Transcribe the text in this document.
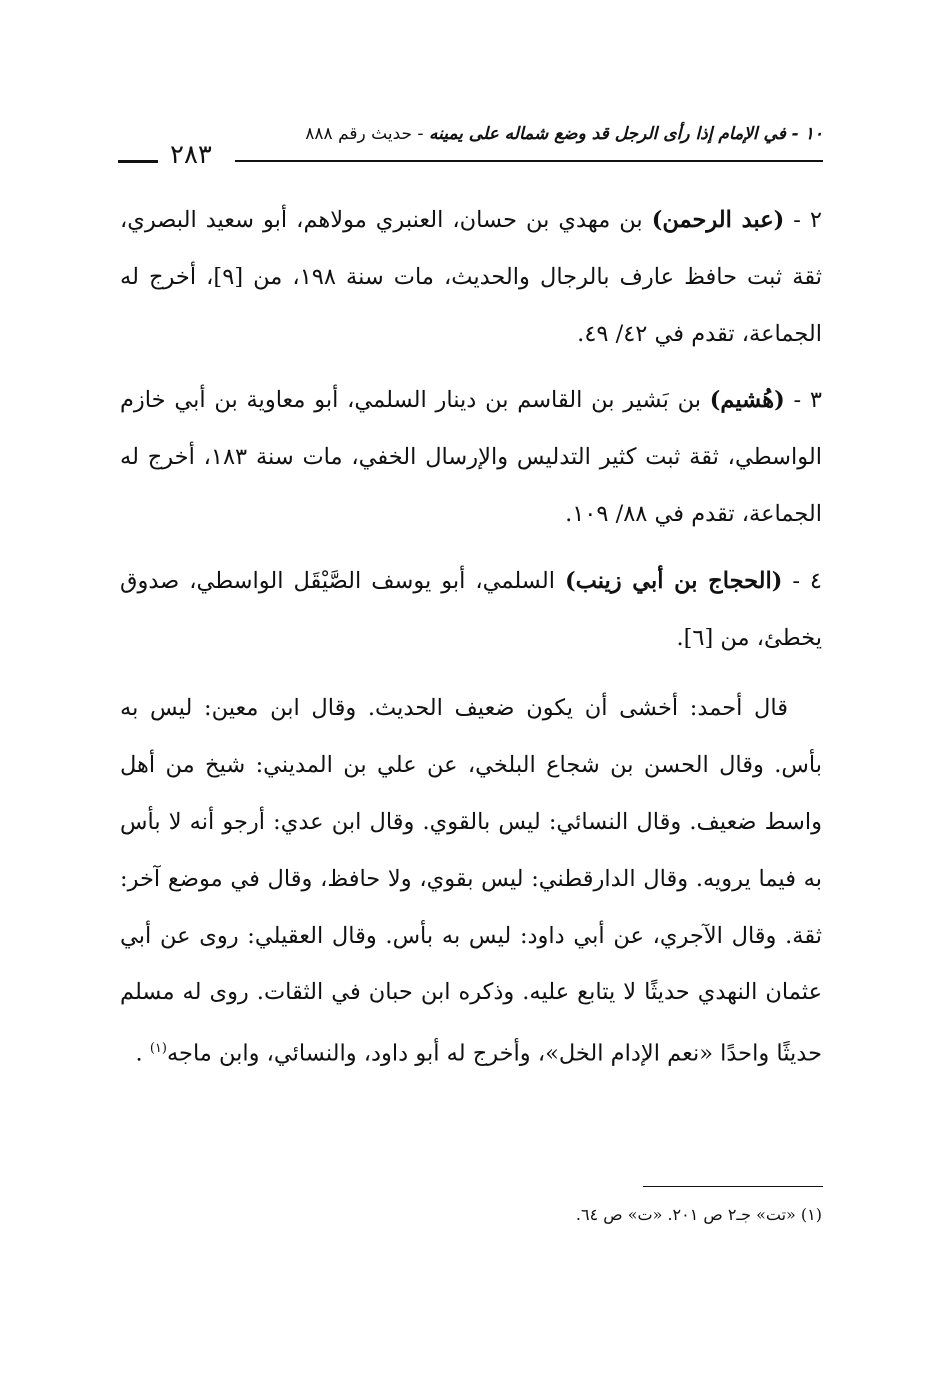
١٠ - في الإمام إذا رأى الرجل قد وضع شماله على يمينه - حديث رقم ٨٨٨
٢٨٣

٢ - (عبد الرحمن) بن مهدي بن حسان، العنبري مولاهم، أبو سعيد البصري، ثقة ثبت حافظ عارف بالرجال والحديث، مات سنة ١٩٨، من [٩]، أخرج له الجماعة، تقدم في ٤٢/ ٤٩.

٣ - (هُشيم) بن بَشير بن القاسم بن دينار السلمي، أبو معاوية بن أبي خازم الواسطي، ثقة ثبت كثير التدليس والإرسال الخفي، مات سنة ١٨٣، أخرج له الجماعة، تقدم في ٨٨/ ١٠٩.

٤ - (الحجاج بن أبي زينب) السلمي، أبو يوسف الصَّيْقَل الواسطي، صدوق يخطئ، من [٦].

قال أحمد: أخشى أن يكون ضعيف الحديث. وقال ابن معين: ليس به بأس. وقال الحسن بن شجاع البلخي، عن علي بن المديني: شيخ من أهل واسط ضعيف. وقال النسائي: ليس بالقوي. وقال ابن عدي: أرجو أنه لا بأس به فيما يرويه. وقال الدارقطني: ليس بقوي، ولا حافظ، وقال في موضع آخر: ثقة. وقال الآجري، عن أبي داود: ليس به بأس. وقال العقيلي: روى عن أبي عثمان النهدي حديثًا لا يتابع عليه. وذكره ابن حبان في الثقات. روى له مسلم حديثًا واحدًا «نعم الإدام الخل»، وأخرج له أبو داود، والنسائي، وابن ماجه$^{(١)}$ .

(١) «تت» جـ٢ ص ٢٠١. «ت» ص ٦٤.
